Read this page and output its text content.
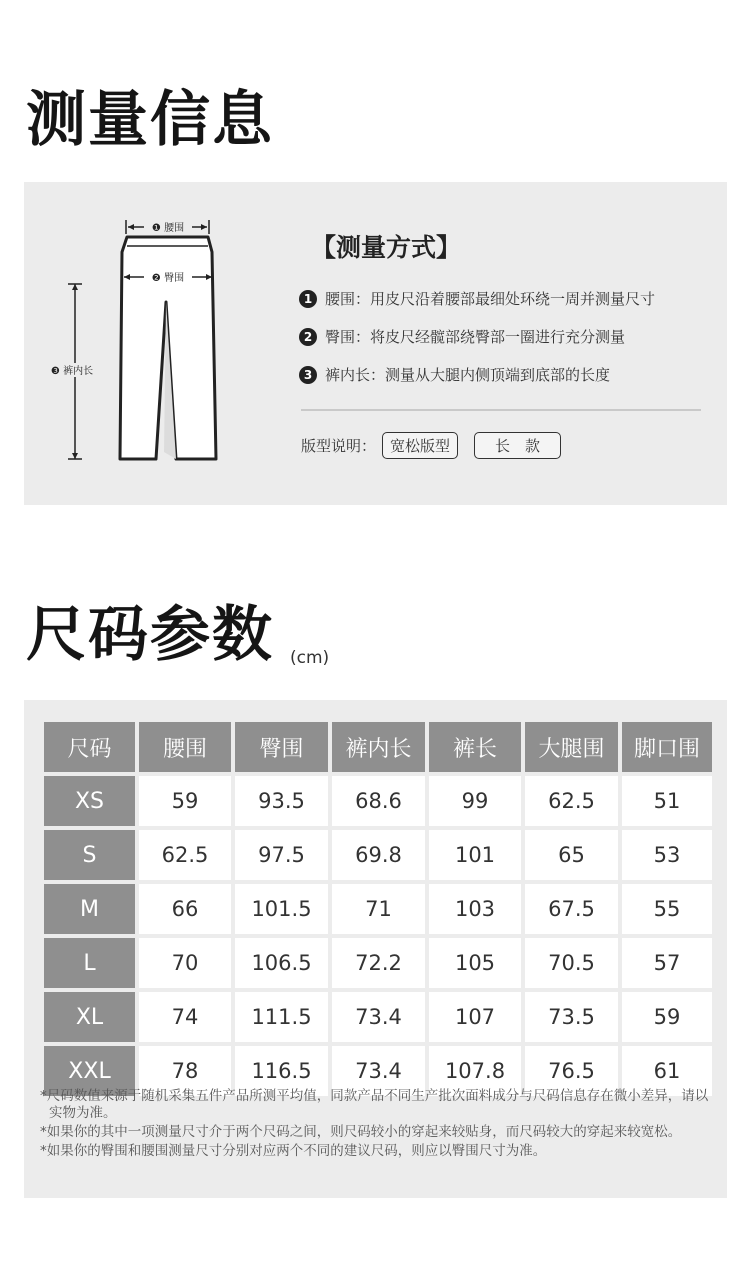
测量信息
❶ 腰围
❷ 臀围
❸ 裤内长
【测量方式】
1 腰围：用皮尺沿着腰部最细处环绕一周并测量尺寸
2 臀围：将皮尺经髋部绕臀部一圈进行充分测量
3 裤内长：测量从大腿内侧顶端到底部的长度
版型说明： 宽松版型	长　款
尺码参数 (cm)
尺码	腰围	臀围	裤内长	裤长	大腿围	脚口围
XS	59	93.5	68.6	99	62.5	51
S	62.5	97.5	69.8	101	65	53
M	66	101.5	71	103	67.5	55
L	70	106.5	72.2	105	70.5	57
XL	74	111.5	73.4	107	73.5	59
XXL	78	116.5	73.4	107.8	76.5	61

*尺码数值来源于随机采集五件产品所测平均值，同款产品不同生产批次面料成分与尺码信息存在微小差异，请以实物为准。

*如果你的其中一项测量尺寸介于两个尺码之间，则尺码较小的穿起来较贴身，而尺码较大的穿起来较宽松。

*如果你的臀围和腰围测量尺寸分别对应两个不同的建议尺码，则应以臀围尺寸为准。
